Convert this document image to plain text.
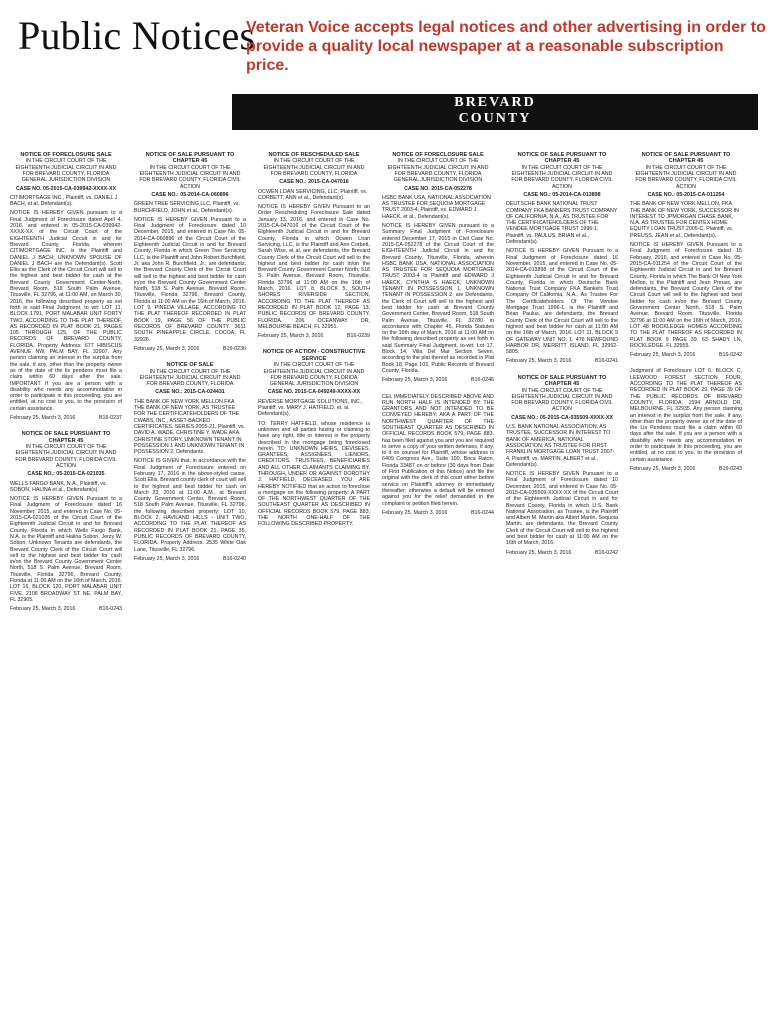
Public Notices
Veteran Voice accepts legal notices and other advertising in order to provide a quality local newspaper at a reasonable subscription price.
BREVARD
COUNTY
NOTICE OF FORECLOSURE SALE
IN THE CIRCUIT COURT OF THE EIGHTEENTH JUDICIAL CIRCUIT IN AND FOR BREVARD COUNTY, FLORIDA GENERAL JURISDICTION DIVISION
CASE NO. 05-2015-CA-039942-XXXX-XX
CITIMORTGAGE INC., Plaintiff, vs. DANIEL J BACH, et al. Defendant(s).
NOTICE IS HEREBY GIVEN pursuant to a Final Judgment of Foreclosure dated April 4, 2016, and entered in 05-2015-CA-039942-XXXX-XX of the Circuit Court of the EIGHTEENTH Judicial Circuit in and for Brevard County, Florida, wherein CITIMORTGAGE INC. is the Plaintiff and DANIEL J BACH; UNKNOWN SPOUSE OF DANIEL J BACH are the Defendant(s). Scott Ellis as the Clerk of the Circuit Court will sell to the highest and best bidder for cash at the Brevard County Government Center-North, Brevard Room, 518 South Palm Avenue, Titusville, FL 32796, at 11:00 AM, on March 30, 2016, the following described property as set forth in said Final Judgment, to wit: LOT 11, BLOCK 1791, PORT MALABAR UNIT FORTY TWO, ACCORDING TO THE PLAT THEREOF, AS RECORDED IN PLAT BOOK 21, PAGES 105 THROUGH 125, OF THE PUBLIC RECORDS OF BREVARD COUNTY, FLORIDA. Property Address: 677 HIBISCUS AVENUE NW, PALM BAY, FL 32907. Any person claiming an interest in the surplus from the sale, if any, other than the property owner as of the date of the lis pendens must file a claim within 60 days after the sale. IMPORTANT If you are a person with a disability who needs any accommodation in order to participate in this proceeding, you are entitled, at no cost to you, to the provision of certain assistance.
February 25, March 3, 2016	B16-0237
NOTICE OF SALE PURSUANT TO CHAPTER 45
IN THE CIRCUIT COURT OF THE EIGHTEENTH JUDICIAL CIRCUIT IN AND FOR BREVARD COUNTY, FLORIDA CIVIL ACTION
CASE NO.: 05-2015-CA-021035
WELLS FARGO BANK, N.A., Plaintiff, vs. SOBON, HALINA et al., Defendant(s).
NOTICE IS HEREBY GIVEN Pursuant to a Final Judgment of Foreclosure dated 16 November, 2015, and entered in Case No. 05-2015-CA-021035 of the Circuit Court of the Eighteenth Judicial Circuit in and for Brevard County, Florida in which Wells Fargo Bank, N.A. is the Plaintiff and Halina Sobon, Jerzy W. Sobon, Unknown Tenants are defendants, the Brevard County Clerk of the Circuit Court will sell to the highest and best bidder for cash in/on the Brevard County Government Center North, 518 S. Palm Avenue, Brevard Room, Titusville, Florida 32796, Brevard County, Florida at 11:00 AM on the 16th of March, 2016. LOT 16, BLOCK 120, PORT MALABAR UNIT FIVE. 2106 BROADWAY ST NE, PALM BAY, FL 32905.
February 25, March 3, 2016	B16-0243
NOTICE OF SALE PURSUANT TO CHAPTER 45
IN THE CIRCUIT COURT OF THE EIGHTEENTH JUDICIAL CIRCUIT IN AND FOR BREVARD COUNTY, FLORIDA CIVIL ACTION
CASE NO.: 05-2014-CA-060896
GREEN TREE SERVICING LLC, Plaintiff, vs. BURCHFIELD, JOHN et al., Defendant(s).
NOTICE IS HEREBY GIVEN Pursuant to a Final Judgment of Foreclosure dated 10 December, 2015, and entered in Case No. 05-2014-CA-060896 of the Circuit Court of the Eighteenth Judicial Circuit in and for Brevard County, Florida in which Green Tree Servicing LLC, is the Plaintiff and John Robert Burchfield, Jr. aka John R. Burchfield, Jr., are defendants, the Brevard County Clerk of the Circuit Court will sell to the highest and best bidder for cash in/on the Brevard County Government Center North, 518 S. Palm Avenue, Brevard Room, Titusville, Florida 32796, Brevard County, Florida at 11:00 AM on the 16th of March, 2016. LOT 9, PINEDA VILLAGE, ACCORDING TO THE PLAT THEREOF RECORDED IN PLAT BOOK 19, PAGE 56 OF THE PUBLIC RECORDS OF BREVARD COUNTY. 3611 SOUTH PINEAPPLE CIRCLE, COCOA, FL 32926.
February 25, March 3, 2016	B16-0236
NOTICE OF SALE
IN THE CIRCUIT COURT OF THE EIGHTEENTH JUDICIAL CIRCUIT IN AND FOR BREVARD COUNTY, FLORIDA
CASE NO.: 2015-CA-024431
THE BANK OF NEW YORK MELLON FKA THE BANK OF NEW YORK, AS TRUSTEE FOR THE CERTIFICATEHOLDERS OF THE CWABS, INC., ASSET-BACKED CERTIFICATES, SERIES 2005-21, Plaintiff, vs. DAVID A. WADE, CHRISTINE Y. WADE AKA CHRISTINE STORY, UNKNOWN TENANT IN POSSESSION 1 AND UNKNOWN TENANT IN POSSESSION 2, Defendants.
NOTICE IS GIVEN that, in accordance with the Final Judgment of Foreclosure entered on February 17, 2016 in the above-styled cause, Scott Ellis, Brevard county clerk of court will sell to the highest and best bidder for cash on March 23, 2016 at 11:00 A.M., at Brevard County Government Center, Brevard Room, 518 South Palm Avenue, Titusville, FL 32796, the following described property: LOT 10, BLOCK 2, HAVILAND HILLS - UNIT TWO, ACCORDING TO THE PLAT THEREOF AS RECORDED IN PLAT BOOK 21, PAGE 35, PUBLIC RECORDS OF BREVARD COUNTY, FLORIDA. Property Address: 2535 White Oak Lane, Titusville, FL 32796.
February 25, March 3, 2016	B16-0240
NOTICE OF RESCHEDULED SALE
IN THE CIRCUIT COURT OF THE EIGHTEENTH JUDICIAL CIRCUIT IN AND FOR BREVARD COUNTY, FLORIDA
CASE NO.: 2015-CA-047016
OCWEN LOAN SERVICING, LLC, Plaintiff, vs. CORBETT, ANN et al., Defendant(s).
NOTICE IS HEREBY GIVEN Pursuant to an Order Rescheduling Foreclosure Sale dated January 13, 2016, and entered in Case No. 2015-CA-047016 of the Circuit Court of the Eighteenth Judicial Circuit in and for Brevard County, Florida in which Ocwen Loan Servicing, LLC, is the Plaintiff and Ann Corbett, Sarah Wise, et al, are defendants, the Brevard County Clerk of the Circuit Court will sell to the highest and best bidder for cash in/on the Brevard County Government Center North, 518 S. Palm Avenue, Brevard Room, Titusville, Florida 32796 at 11:00 AM on the 16th of March, 2016. LOT 8, BLOCK 5, SOUTH SHORES RIVERSIDE SECTION, ACCORDING TO THE PLAT THEREOF AS RECORDED IN PLAT BOOK 12, PAGE 13, PUBLIC RECORDS OF BREVARD COUNTY, FLORIDA. 206 OCEANWAY DR, MELBOURNE BEACH, FL 32951.
February 25, March 3, 2016	B16-0239
NOTICE OF ACTION - CONSTRUCTIVE SERVICE
IN THE CIRCUIT COURT OF THE EIGHTEENTH JUDICIAL CIRCUIT IN AND FOR BREVARD COUNTY, FLORIDA GENERAL JURISDICTION DIVISION
CASE NO. 2015-CA-049249-XXXX-XX
REVERSE MORTGAGE SOLUTIONS, INC., Plaintiff, vs. MARY J. HATFIELD, et. al. Defendant(s),
TO: TERRY HATFIELD, whose residence is unknown and all parties having or claiming to have any right, title or interest in the property described in the mortgage being foreclosed herein. TO: UNKNOWN HEIRS, DEVISEES, GRANTEES, ASSIGNEES, LIENORS, CREDITORS, TRUSTEES, BENEFICIARIES AND ALL OTHER CLAIMANTS CLAIMING BY, THROUGH, UNDER OR AGAINST DOROTHY J. HATFIELD, DECEASED. YOU ARE HEREBY NOTIFIED that an action to foreclose a mortgage on the following property: A PART OF THE NORTHWEST QUARTER OF THE SOUTHEAST QUARTER AS DESCRIBED IN OFFICIAL RECORDS BOOK 579, PAGE 883, THE NORTH ONE-HALF OF THE FOLLOWING DESCRIBED PROPERTY.
NOTICE OF FORECLOSURE SALE
IN THE CIRCUIT COURT OF THE EIGHTEENTH JUDICIAL CIRCUIT IN AND FOR BREVARD COUNTY, FLORIDA GENERAL JURISDICTION DIVISION
CASE NO. 2015-CA-052278
HSBC BANK USA, NATIONAL ASSOCIATION AS TRUSTEE FOR SEQUOIA MORTGAGE TRUST 2003-4, Plaintiff, vs. EDWARD J. HAECK, et al., Defendant(s).
NOTICE IS HEREBY GIVEN pursuant to a Summary Final Judgment of Foreclosure entered December 17, 2015 in Civil Case No. 2015-CA-052278 of the Circuit Court of the EIGHTEENTH Judicial Circuit in and for Brevard County, Titusville, Florida, wherein HSBC BANK USA, NATIONAL ASSOCIATION AS TRUSTEE FOR SEQUOIA MORTGAGE TRUST 2003-4 is Plaintiff and EDWARD J HAECK, CYNTHIA S HAECK, UNKNOWN TENANT IN POSSESSION 1, UNKNOWN TENANT IN POSSESSION 2, are Defendants, the Clerk of Court will sell to the highest and best bidder for cash at Brevard County Government Center, Brevard Room, 518 South Palm Avenue, Titusville, FL 32780 in accordance with Chapter 45, Florida Statutes on the 16th day of March, 2016 at 11:00 AM on the following described property as set forth in said Summary Final Judgment, to-wit: Lot 17, Block 14, Villa Del Mar Section Seven, according to the plat thereof as recorded in Plat Book 18, Page 103, Public Records of Brevard County, Florida.
February 25, March 3, 2016	B16-0246
CEL IMMEDIATELY DESCRIBED ABOVE AND RUN NORTH HALF IS INTENDED BY THE GRANTORS AND NOT INTENDED TO BE CONVEYED HEREBY; AKA A PART OF THE NORTHWEST QUARTER OF THE SOUTHEAST QUARTER AS DESCRIBED IN OFFICIAL RECORDS BOOK 579, PAGE 883. has been filed against you and you are required to serve a copy of your written defenses, if any, to it on counsel for Plaintiff, whose address is 6409 Congress Ave., Suite 100, Boca Raton, Florida 33487 on or before (30 days from Date of First Publication of this Notice) and file the original with the clerk of this court either before service on Plaintiff's attorney or immediately thereafter; otherwise a default will be entered against you for the relief demanded in the complaint or petition filed herein.
February 25, March 3, 2016	B16-0244
NOTICE OF SALE PURSUANT TO CHAPTER 45
IN THE CIRCUIT COURT OF THE EIGHTEENTH JUDICIAL CIRCUIT IN AND FOR BREVARD COUNTY, FLORIDA CIVIL ACTION
CASE NO.: 05-2014-CA-013898
DEUTSCHE BANK NATIONAL TRUST COMPANY FKA BANKERS TRUST COMPANY OF CALIFORNIA, N.A., AS TRUSTEE FOR THE CERTIFICATEHOLDERS OF THE VENDEE MORTGAGE TRUST 1996-1, Plaintiff, vs. PAULUS, BRIAN et al., Defendant(s).
NOTICE IS HEREBY GIVEN Pursuant to a Final Judgment of Foreclosure dated 16 November, 2015, and entered in Case No. 05-2014-CA-013898 of the Circuit Court of the Eighteenth Judicial Circuit in and for Brevard County, Florida in which Deutsche Bank National Trust Company FKA Bankers Trust Company Of California, N.A., As Trustee For The Certificateholders Of The Vendee Mortgage Trust 1996-1, is the Plaintiff and Brian Paulus, are defendants, the Brevard County Clerk of the Circuit Court will sell to the highest and best bidder for cash at 11:00 AM on the 16th of March, 2016. LOT 11, BLOCK 9 OF GATEWAY UNIT NO. 1. 476 NEWFOUND HARBOR DR, MERRITT ISLAND, FL 32952-5805.
February 25, March 3, 2016	B16-0241
NOTICE OF SALE PURSUANT TO CHAPTER 45
IN THE CIRCUIT COURT OF THE EIGHTEENTH JUDICIAL CIRCUIT IN AND FOR BREVARD COUNTY, FLORIDA CIVIL ACTION
CASE NO.: 05-2015-CA-035509-XXXX-XX
U.S. BANK NATIONAL ASSOCIATION, AS TRUSTEE, SUCCESSOR IN INTEREST TO BANK OF AMERICA, NATIONAL ASSOCIATION, AS TRUSTEE FOR FIRST FRANKLIN MORTGAGE LOAN TRUST 2007-4, Plaintiff, vs. MARTIN, ALBERT et al., Defendant(s).
NOTICE IS HEREBY GIVEN Pursuant to a Final Judgment of Foreclosure dated 10 December, 2015, and entered in Case No. 05-2015-CA-035509-XXXX-XX of the Circuit Court of the Eighteenth Judicial Circuit in and for Brevard County, Florida in which U.S. Bank National Association, as Trustee, is the Plaintiff and Albert M. Martin aka Albert Martin, Sequoia Martin, are defendants, the Brevard County Clerk of the Circuit Court will sell to the highest and best bidder for cash at 11:00 AM on the 16th of March, 2016.
February 25, March 3, 2016	B16-0242
NOTICE OF SALE PURSUANT TO CHAPTER 45
IN THE CIRCUIT COURT OF THE EIGHTEENTH JUDICIAL CIRCUIT IN AND FOR BREVARD COUNTY, FLORIDA CIVIL ACTION
CASE NO.: 05-2015-CA-011254
THE BANK OF NEW YORK MELLON, FKA THE BANK OF NEW YORK, SUCCESSOR IN INTEREST TO JPMORGAN CHASE BANK, N.A. AS TRUSTEE FOR CENTEX HOME EQUITY LOAN TRUST 2005-C, Plaintiff, vs. PREUSS, JEAN et al., Defendant(s).
NOTICE IS HEREBY GIVEN Pursuant to a Final Judgment of Foreclosure dated 15 February, 2016, and entered in Case No. 05-2015-CA-011254 of the Circuit Court of the Eighteenth Judicial Circuit in and for Brevard County, Florida in which The Bank Of New York Mellon, is the Plaintiff and Jean Preuss, are defendants, the Brevard County Clerk of the Circuit Court will sell to the highest and best bidder for cash in/on the Brevard County Government Center North, 518 S. Palm Avenue, Brevard Room, Titusville, Florida 32796 at 11:00 AM on the 16th of March, 2016. LOT 48 ROCKLEDGE HOMES ACCORDING TO THE PLAT THEREOF AS RECORDED IN PLAT BOOK 9 PAGE 39. 63 SHADY LN, ROCKLEDGE, FL 32955.
February 25, March 3, 2016	B16-0242
Judgment of Foreclosure LOT 6, BLOCK C, LEEWOOD FOREST SECTION FOUR, ACCORDING TO THE PLAT THEREOF AS RECORDED IN PLAT BOOK 29, PAGE 39 OF THE PUBLIC RECORDS OF BREVARD COUNTY, FLORIDA. 1594 ARNOLD DR, MELBOURNE, FL 32935. Any person claiming an interest in the surplus from the sale, if any, other than the property owner as of the date of the Lis Pendens must file a claim within 60 days after the sale. If you are a person with a disability who needs any accommodation in order to participate in this proceeding, you are entitled, at no cost to you, to the provision of certain assistance.
February 25, March 3, 2016	B16-0243
